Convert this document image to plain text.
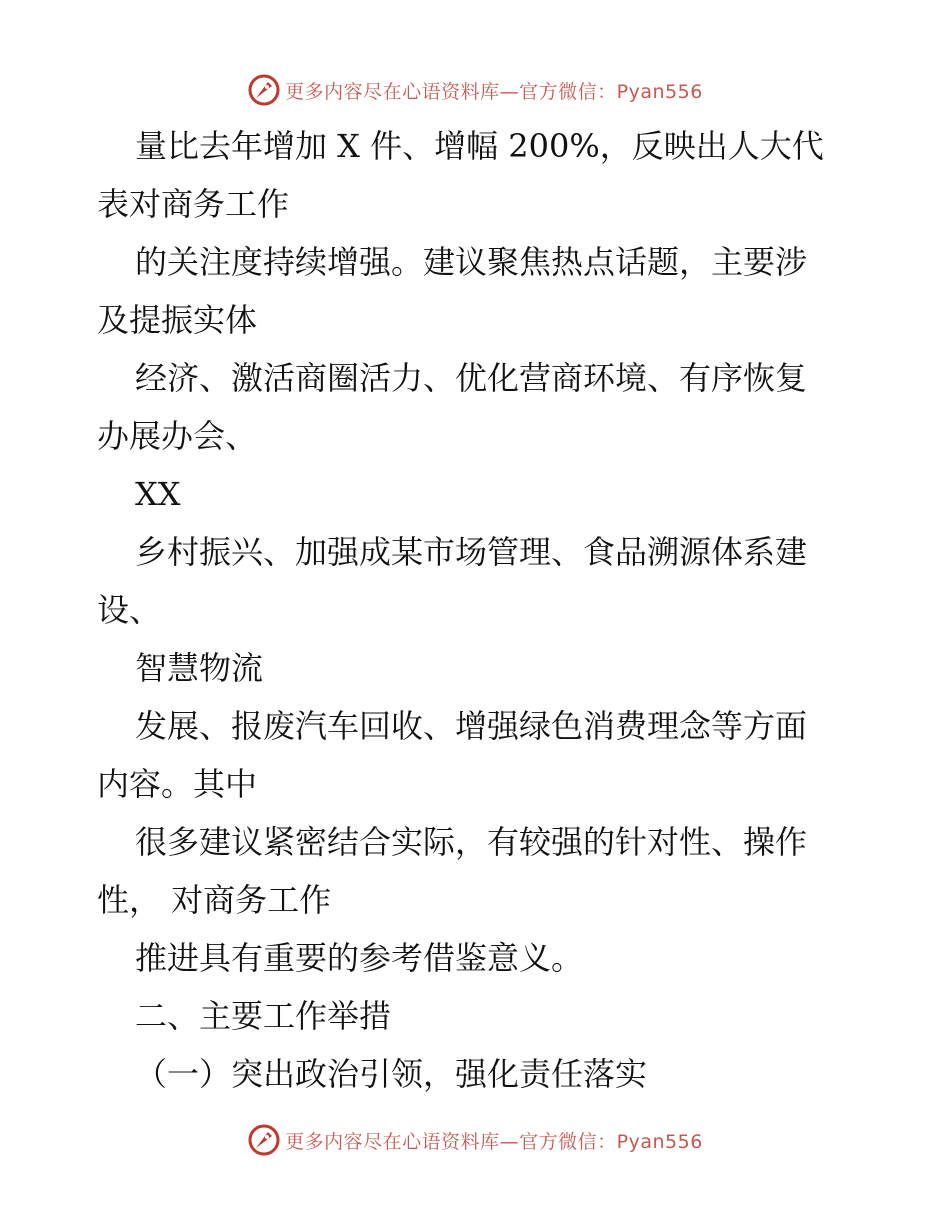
更多内容尽在心语资料库—官方微信：Pyan556
量比去年增加 X 件、增幅 200%，反映出人大代
表对商务工作
的关注度持续增强。建议聚焦热点话题，主要涉
及提振实体
经济、激活商圈活力、优化营商环境、有序恢复
办展办会、
XX
乡村振兴、加强成某市场管理、食品溯源体系建
设、
智慧物流
发展、报废汽车回收、增强绿色消费理念等方面
内容。其中
很多建议紧密结合实际，有较强的针对性、操作
性， 对商务工作
推进具有重要的参考借鉴意义。
二、主要工作举措
（一）突出政治引领，强化责任落实
更多内容尽在心语资料库—官方微信：Pyan556
